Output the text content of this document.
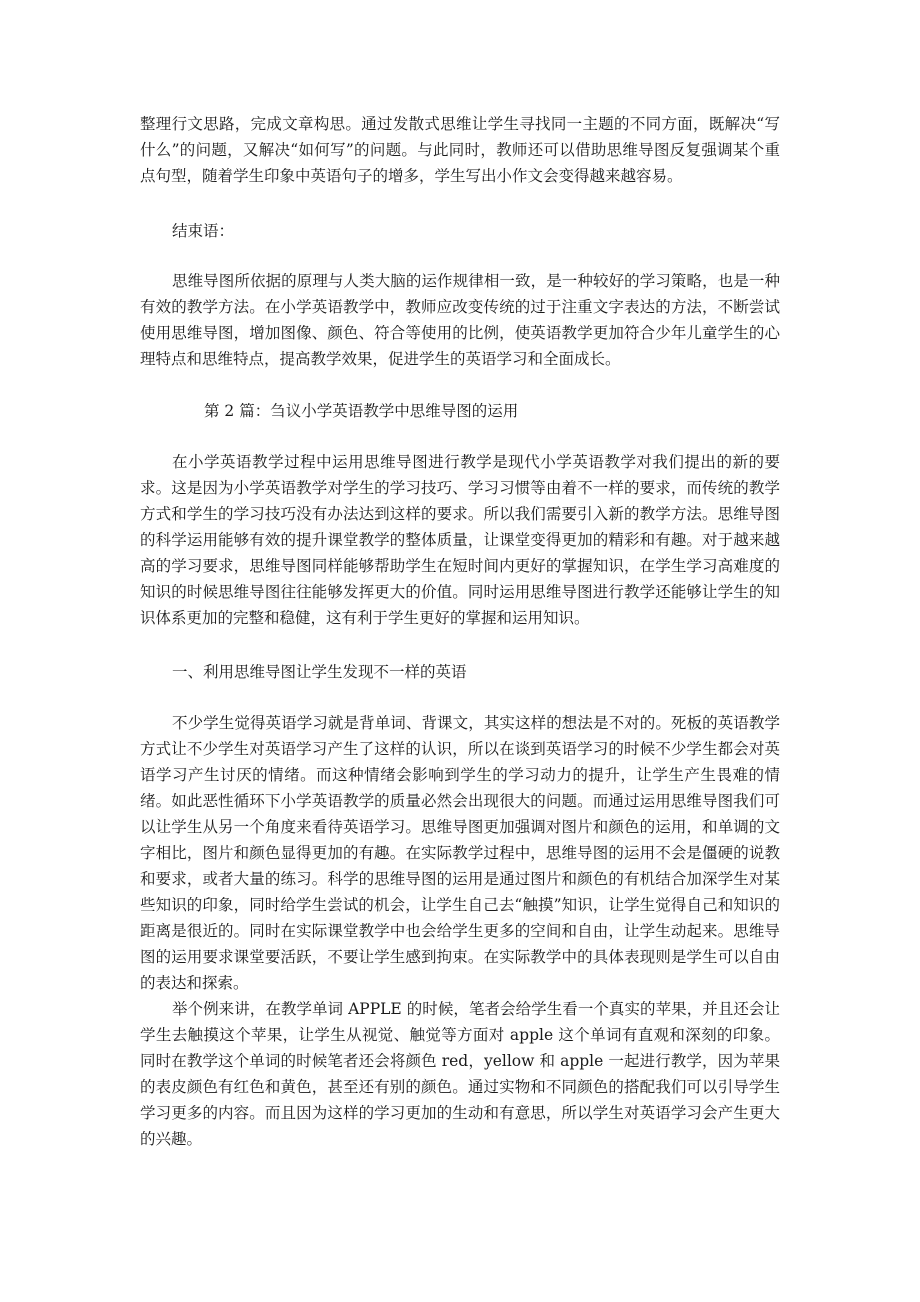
整理行文思路，完成文章构思。通过发散式思维让学生寻找同一主题的不同方面，既解决“写什么”的问题，又解决“如何写”的问题。与此同时，教师还可以借助思维导图反复强调某个重点句型，随着学生印象中英语句子的增多，学生写出小作文会变得越来越容易。

结束语：

思维导图所依据的原理与人类大脑的运作规律相一致，是一种较好的学习策略，也是一种有效的教学方法。在小学英语教学中，教师应改变传统的过于注重文字表达的方法，不断尝试使用思维导图，增加图像、颜色、符合等使用的比例，使英语教学更加符合少年儿童学生的心理特点和思维特点，提高教学效果，促进学生的英语学习和全面成长。

第 2 篇：刍议小学英语教学中思维导图的运用

在小学英语教学过程中运用思维导图进行教学是现代小学英语教学对我们提出的新的要求。这是因为小学英语教学对学生的学习技巧、学习习惯等由着不一样的要求，而传统的教学方式和学生的学习技巧没有办法达到这样的要求。所以我们需要引入新的教学方法。思维导图的科学运用能够有效的提升课堂教学的整体质量，让课堂变得更加的精彩和有趣。对于越来越高的学习要求，思维导图同样能够帮助学生在短时间内更好的掌握知识，在学生学习高难度的知识的时候思维导图往往能够发挥更大的价值。同时运用思维导图进行教学还能够让学生的知识体系更加的完整和稳健，这有利于学生更好的掌握和运用知识。

一、利用思维导图让学生发现不一样的英语

不少学生觉得英语学习就是背单词、背课文，其实这样的想法是不对的。死板的英语教学方式让不少学生对英语学习产生了这样的认识，所以在谈到英语学习的时候不少学生都会对英语学习产生讨厌的情绪。而这种情绪会影响到学生的学习动力的提升，让学生产生畏难的情绪。如此恶性循环下小学英语教学的质量必然会出现很大的问题。而通过运用思维导图我们可以让学生从另一个角度来看待英语学习。思维导图更加强调对图片和颜色的运用，和单调的文字相比，图片和颜色显得更加的有趣。在实际教学过程中，思维导图的运用不会是僵硬的说教和要求，或者大量的练习。科学的思维导图的运用是通过图片和颜色的有机结合加深学生对某些知识的印象，同时给学生尝试的机会，让学生自己去“触摸”知识，让学生觉得自己和知识的距离是很近的。同时在实际课堂教学中也会给学生更多的空间和自由，让学生动起来。思维导图的运用要求课堂要活跃，不要让学生感到拘束。在实际教学中的具体表现则是学生可以自由的表达和探索。

举个例来讲，在教学单词 APPLE 的时候，笔者会给学生看一个真实的苹果，并且还会让学生去触摸这个苹果，让学生从视觉、触觉等方面对 apple 这个单词有直观和深刻的印象。同时在教学这个单词的时候笔者还会将颜色 red，yellow 和 apple 一起进行教学，因为苹果的表皮颜色有红色和黄色，甚至还有别的颜色。通过实物和不同颜色的搭配我们可以引导学生学习更多的内容。而且因为这样的学习更加的生动和有意思，所以学生对英语学习会产生更大的兴趣。
